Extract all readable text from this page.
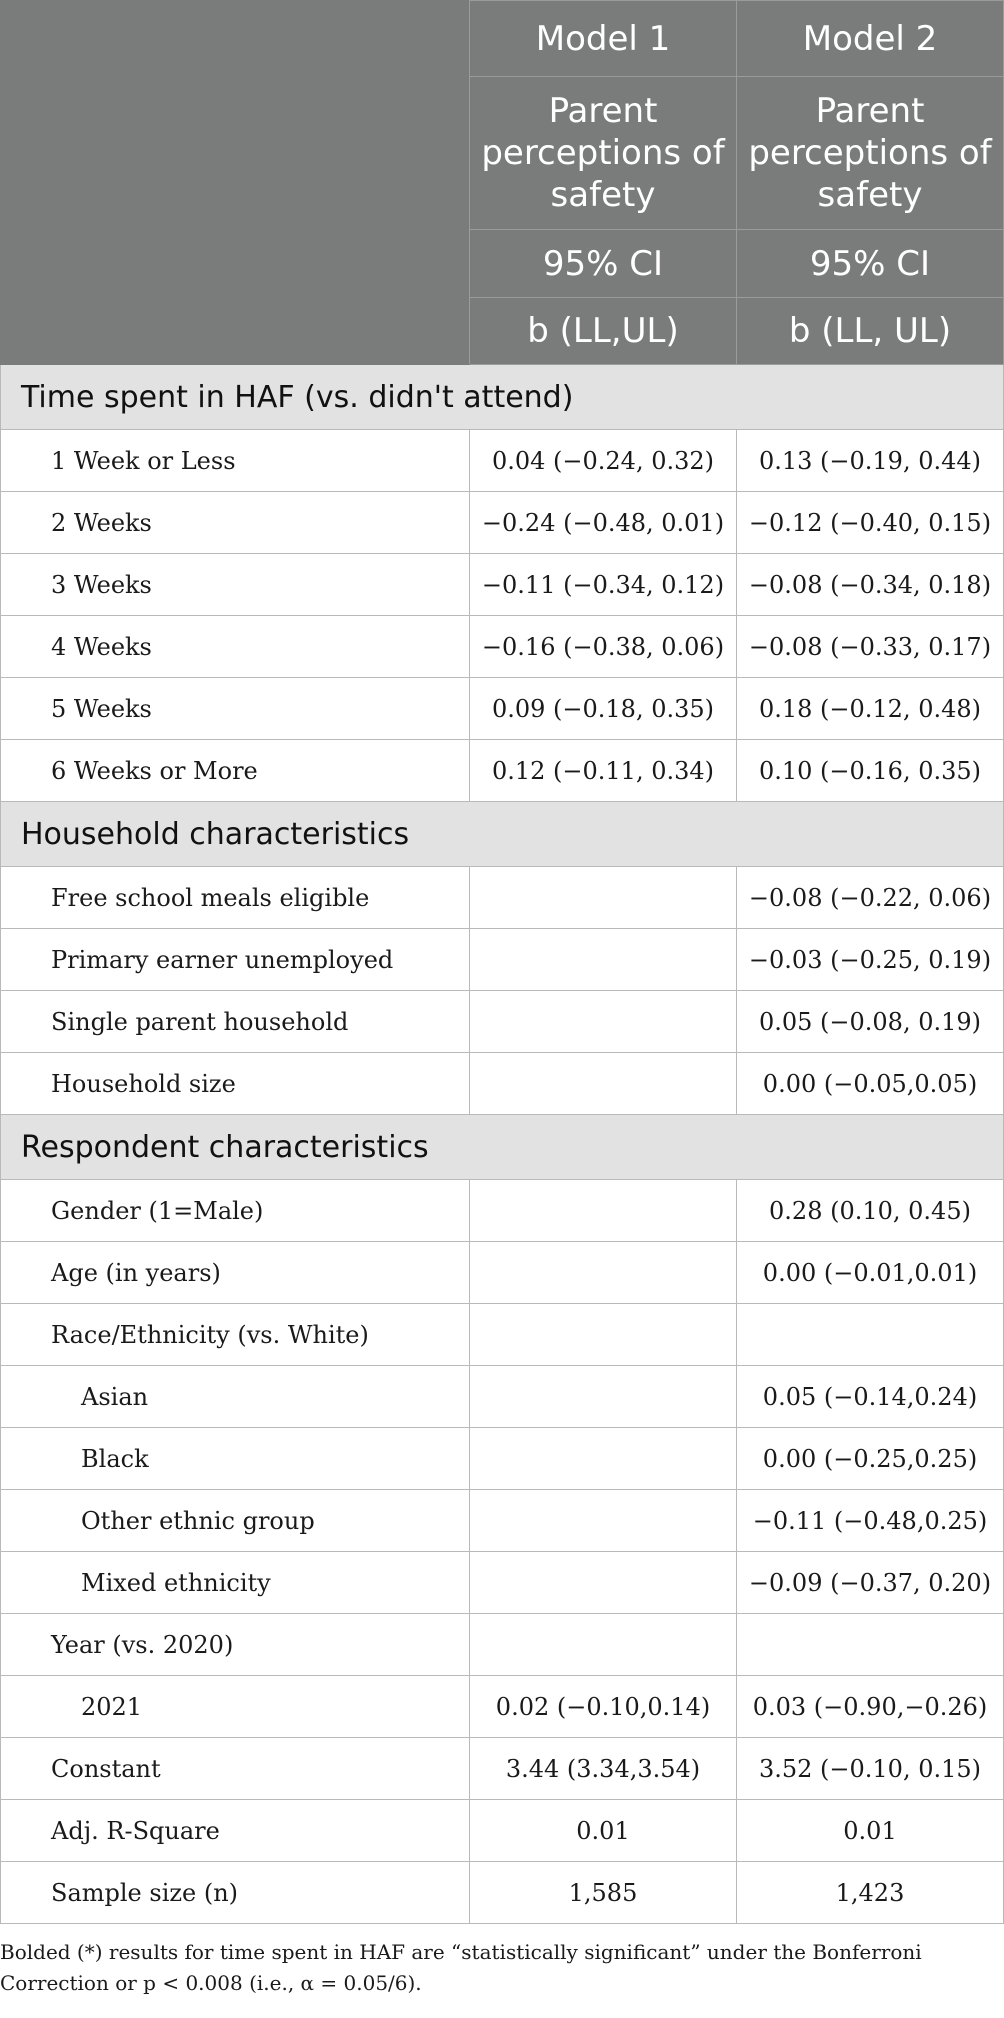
	Model 1	Model 2
	Parent perceptions of safety	Parent perceptions of safety
	95% CI	95% CI
	b (LL,UL)	b (LL, UL)
Time spent in HAF (vs. didn't attend)		
1 Week or Less	0.04 (−0.24, 0.32)	0.13 (−0.19, 0.44)
2 Weeks	−0.24 (−0.48, 0.01)	−0.12 (−0.40, 0.15)
3 Weeks	−0.11 (−0.34, 0.12)	−0.08 (−0.34, 0.18)
4 Weeks	−0.16 (−0.38, 0.06)	−0.08 (−0.33, 0.17)
5 Weeks	0.09 (−0.18, 0.35)	0.18 (−0.12, 0.48)
6 Weeks or More	0.12 (−0.11, 0.34)	0.10 (−0.16, 0.35)
Household characteristics		
Free school meals eligible		−0.08 (−0.22, 0.06)
Primary earner unemployed		−0.03 (−0.25, 0.19)
Single parent household		0.05 (−0.08, 0.19)
Household size		0.00 (−0.05,0.05)
Respondent characteristics		
Gender (1=Male)		0.28 (0.10, 0.45)
Age (in years)		0.00 (−0.01,0.01)
Race/Ethnicity (vs. White)		
Asian		0.05 (−0.14,0.24)
Black		0.00 (−0.25,0.25)
Other ethnic group		−0.11 (−0.48,0.25)
Mixed ethnicity		−0.09 (−0.37, 0.20)
Year (vs. 2020)		
2021	0.02 (−0.10,0.14)	0.03 (−0.90,−0.26)
Constant	3.44 (3.34,3.54)	3.52 (−0.10, 0.15)
Adj. R-Square	0.01	0.01
Sample size (n)	1,585	1,423
Bolded (*) results for time spent in HAF are “statistically significant” under the Bonferroni Correction or p < 0.008 (i.e., α = 0.05/6).
